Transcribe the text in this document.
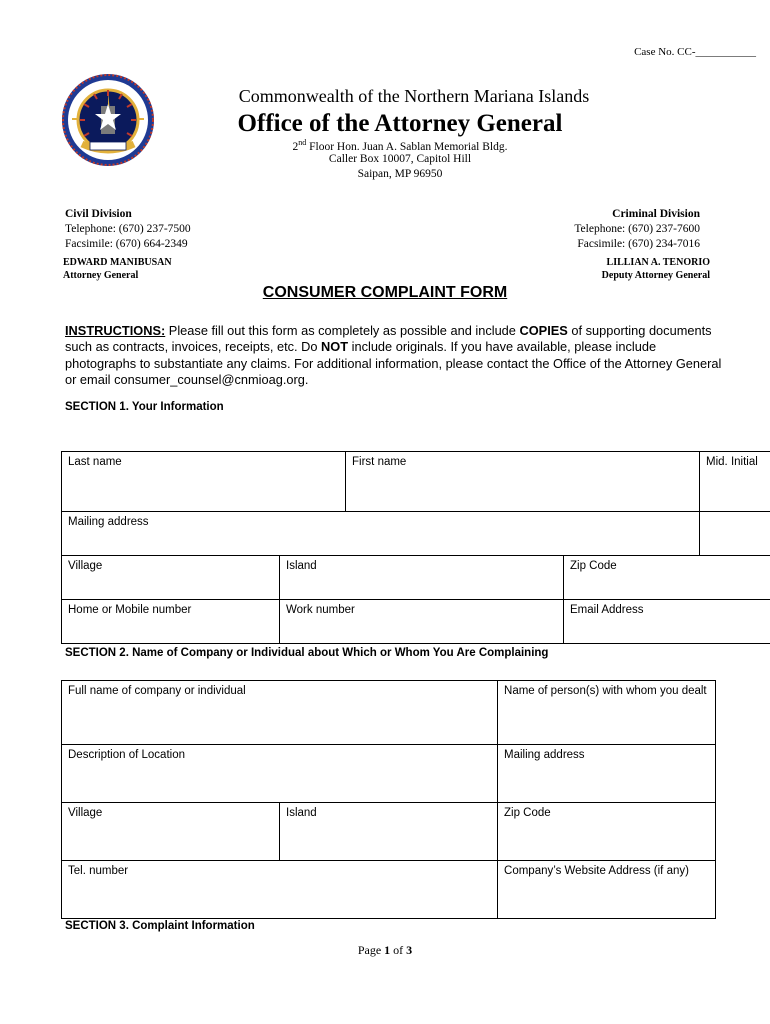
Case No. CC-___________
Commonwealth of the Northern Mariana Islands
Office of the Attorney General
2nd Floor Hon. Juan A. Sablan Memorial Bldg.
Caller Box 10007, Capitol Hill
Saipan, MP 96950
Civil Division
Telephone: (670) 237-7500
Facsimile: (670) 664-2349
Criminal Division
Telephone: (670) 237-7600
Facsimile: (670) 234-7016
EDWARD MANIBUSAN
Attorney General
LILLIAN A. TENORIO
Deputy Attorney General
CONSUMER COMPLAINT FORM
INSTRUCTIONS: Please fill out this form as completely as possible and include COPIES of supporting documents such as contracts, invoices, receipts, etc. Do NOT include originals. If you have available, please include photographs to substantiate any claims. For additional information, please contact the Office of the Attorney General or email consumer_counsel@cnmioag.org.
SECTION 1. Your Information
Last name		First name		Mid. Initial
Mailing address				
Village	Island		Zip Code	
Home or Mobile number	Work number		Email Address	
SECTION 2. Name of Company or Individual about Which or Whom You Are Complaining
Full name of company or individual		Name of person(s) with whom you dealt
Description of Location		Mailing address
Village	Island	Zip Code
Tel. number		Company’s Website Address (if any)
SECTION 3. Complaint Information
Page 1 of 3
